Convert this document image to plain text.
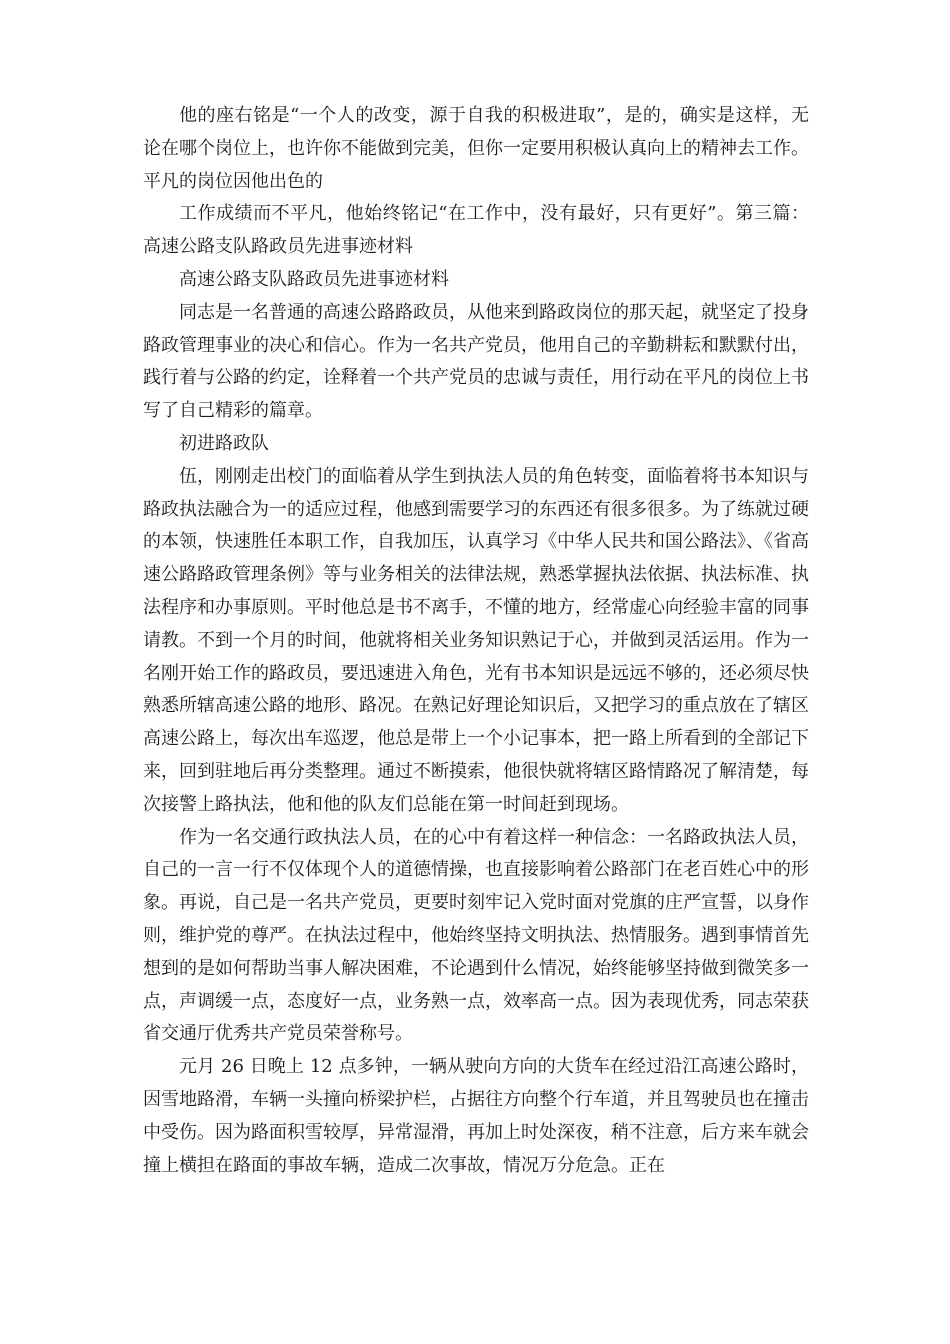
他的座右铭是“一个人的改变，源于自我的积极进取”，是的，确实是这样，无论在哪个岗位上，也许你不能做到完美，但你一定要用积极认真向上的精神去工作。平凡的岗位因他出色的

工作成绩而不平凡，他始终铭记“在工作中，没有最好，只有更好”。第三篇：高速公路支队路政员先进事迹材料

高速公路支队路政员先进事迹材料

同志是一名普通的高速公路路政员，从他来到路政岗位的那天起，就坚定了投身路政管理事业的决心和信心。作为一名共产党员，他用自己的辛勤耕耘和默默付出，践行着与公路的约定，诠释着一个共产党员的忠诚与责任，用行动在平凡的岗位上书写了自己精彩的篇章。

初进路政队

伍，刚刚走出校门的面临着从学生到执法人员的角色转变，面临着将书本知识与路政执法融合为一的适应过程，他感到需要学习的东西还有很多很多。为了练就过硬的本领，快速胜任本职工作，自我加压，认真学习《中华人民共和国公路法》、《省高速公路路政管理条例》等与业务相关的法律法规，熟悉掌握执法依据、执法标准、执法程序和办事原则。平时他总是书不离手，不懂的地方，经常虚心向经验丰富的同事请教。不到一个月的时间，他就将相关业务知识熟记于心，并做到灵活运用。作为一名刚开始工作的路政员，要迅速进入角色，光有书本知识是远远不够的，还必须尽快熟悉所辖高速公路的地形、路况。在熟记好理论知识后，又把学习的重点放在了辖区高速公路上，每次出车巡逻，他总是带上一个小记事本，把一路上所看到的全部记下来，回到驻地后再分类整理。通过不断摸索，他很快就将辖区路情路况了解清楚，每次接警上路执法，他和他的队友们总能在第一时间赶到现场。

作为一名交通行政执法人员，在的心中有着这样一种信念：一名路政执法人员，自己的一言一行不仅体现个人的道德情操，也直接影响着公路部门在老百姓心中的形象。再说，自己是一名共产党员，更要时刻牢记入党时面对党旗的庄严宣誓，以身作则，维护党的尊严。在执法过程中，他始终坚持文明执法、热情服务。遇到事情首先想到的是如何帮助当事人解决困难，不论遇到什么情况，始终能够坚持做到微笑多一点，声调缓一点，态度好一点，业务熟一点，效率高一点。因为表现优秀，同志荣获省交通厅优秀共产党员荣誉称号。

元月 26 日晚上 12 点多钟，一辆从驶向方向的大货车在经过沿江高速公路时，因雪地路滑，车辆一头撞向桥梁护栏，占据往方向整个行车道，并且驾驶员也在撞击中受伤。因为路面积雪较厚，异常湿滑，再加上时处深夜，稍不注意，后方来车就会撞上横担在路面的事故车辆，造成二次事故，情况万分危急。正在
